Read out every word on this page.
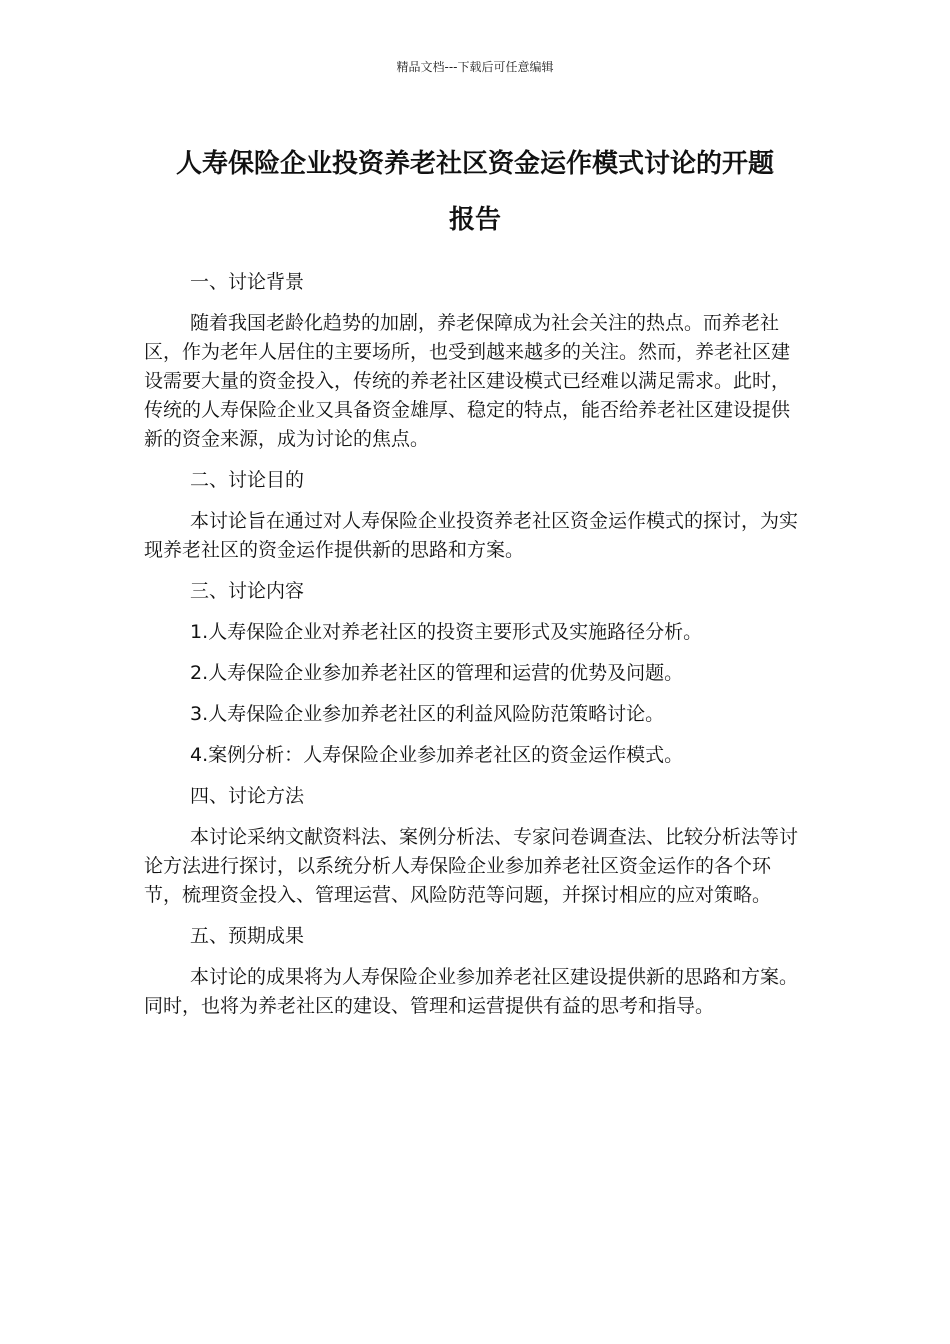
精品文档---下载后可任意编辑
人寿保险企业投资养老社区资金运作模式讨论的开题
报告

一、讨论背景

随着我国老龄化趋势的加剧，养老保障成为社会关注的热点。而养老社区，作为老年人居住的主要场所，也受到越来越多的关注。然而，养老社区建设需要大量的资金投入，传统的养老社区建设模式已经难以满足需求。此时，传统的人寿保险企业又具备资金雄厚、稳定的特点，能否给养老社区建设提供新的资金来源，成为讨论的焦点。

二、讨论目的

本讨论旨在通过对人寿保险企业投资养老社区资金运作模式的探讨，为实现养老社区的资金运作提供新的思路和方案。

三、讨论内容

1.人寿保险企业对养老社区的投资主要形式及实施路径分析。

2.人寿保险企业参加养老社区的管理和运营的优势及问题。

3.人寿保险企业参加养老社区的利益风险防范策略讨论。

4.案例分析：人寿保险企业参加养老社区的资金运作模式。

四、讨论方法

本讨论采纳文献资料法、案例分析法、专家问卷调查法、比较分析法等讨论方法进行探讨，以系统分析人寿保险企业参加养老社区资金运作的各个环节，梳理资金投入、管理运营、风险防范等问题，并探讨相应的应对策略。

五、预期成果

本讨论的成果将为人寿保险企业参加养老社区建设提供新的思路和方案。同时，也将为养老社区的建设、管理和运营提供有益的思考和指导。
